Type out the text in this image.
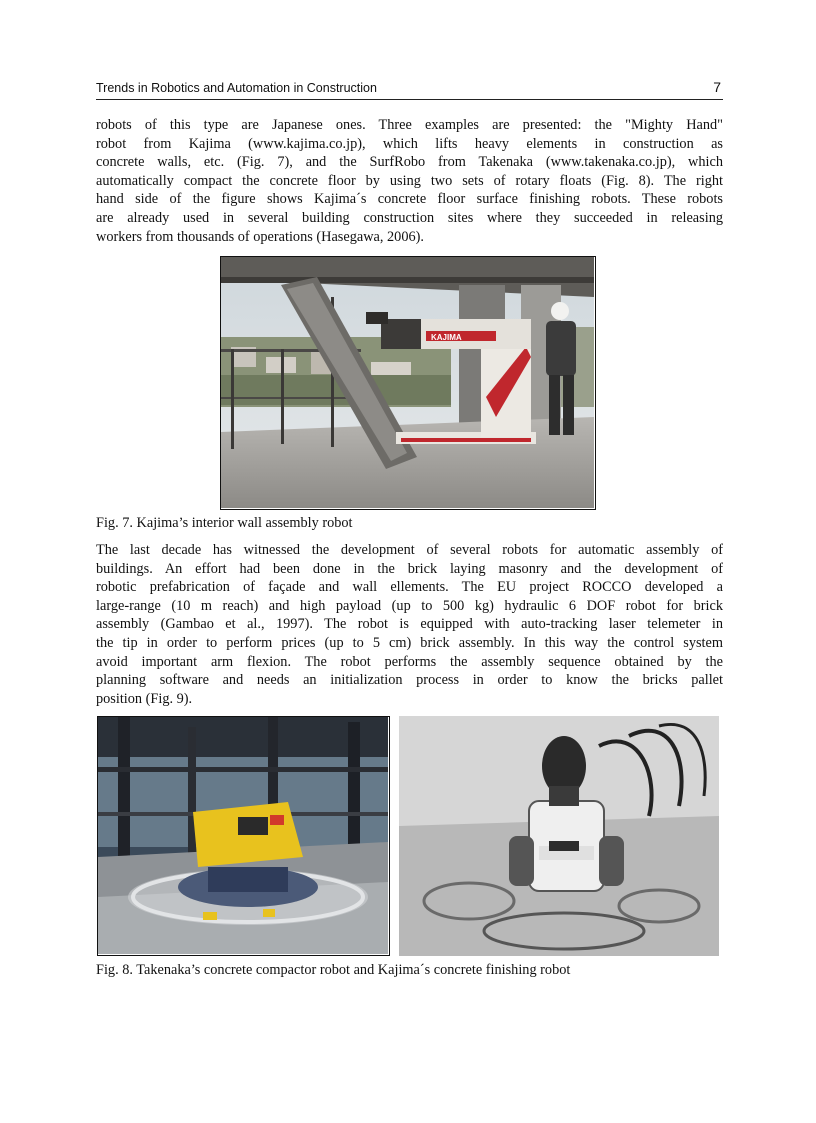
Trends in Robotics and Automation in Construction	7
robots of this type are Japanese ones. Three examples are presented: the "Mighty Hand"
robot from Kajima (www.kajima.co.jp), which lifts heavy elements in construction as
concrete walls, etc. (Fig. 7), and the SurfRobo from Takenaka (www.takenaka.co.jp), which
automatically compact the concrete floor by using two sets of rotary floats (Fig. 8). The right
hand side of the figure shows Kajima´s concrete floor surface finishing robots. These robots
are already used in several building construction sites where they succeeded in releasing
workers from thousands of operations (Hasegawa, 2006).
KAJIMA

Fig. 7. Kajima’s interior wall assembly robot

The last decade has witnessed the development of several robots for automatic assembly of
buildings. An effort had been done in the brick laying masonry and the development of
robotic prefabrication of façade and wall ellements. The EU project ROCCO developed a
large-range (10 m reach) and high payload (up to 500 kg) hydraulic 6 DOF robot for brick
assembly (Gambao et al., 1997). The robot is equipped with auto-tracking laser telemeter in
the tip in order to perform prices (up to 5 cm) brick assembly. In this way the control system
avoid important arm flexion. The robot performs the assembly sequence obtained by the
planning software and needs an initialization process in order to know the bricks pallet
position (Fig. 9).

Fig. 8. Takenaka’s concrete compactor robot and Kajima´s concrete finishing robot
